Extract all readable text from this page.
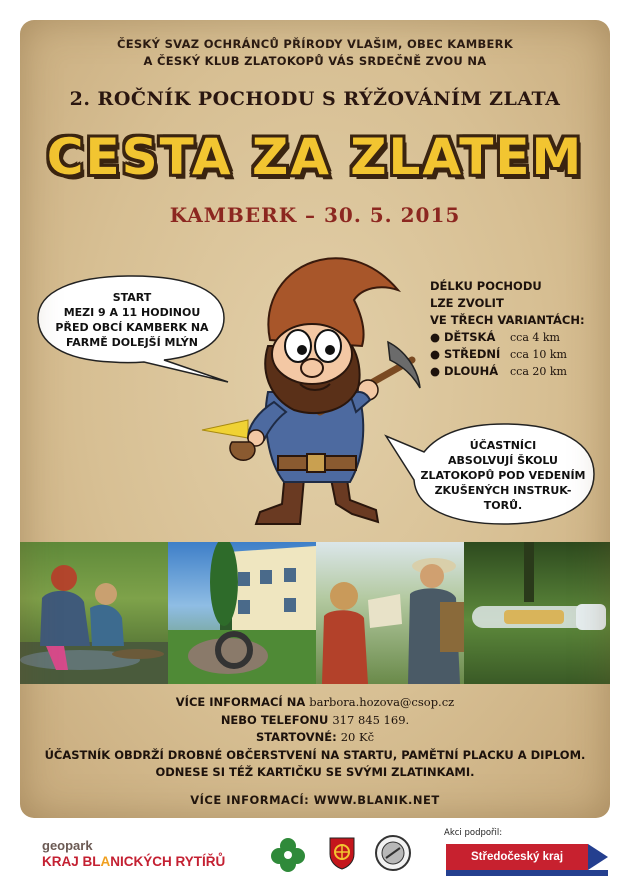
ČESKÝ SVAZ OCHRÁNCŮ PŘÍRODY VLAŠIM, OBEC KAMBERK
A ČESKÝ KLUB ZLATOKOPŮ VÁS SRDEČNĚ ZVOU NA
2. ROČNÍK POCHODU S RÝŽOVÁNÍM ZLATA
CESTA ZA ZLATEM
KAMBERK – 30. 5. 2015
START
MEZI 9 A 11 HODINOU
PŘED OBCÍ KAMBERK NA
FARMĚ DOLEJŠÍ MLÝN
DÉLKU POCHODU
LZE ZVOLIT
VE TŘECH VARIANTÁCH:
● DĚTSKÁ	cca 4 km
● STŘEDNÍ cca 10 km
● DLOUHÁ	cca 20 km
ÚČASTNÍCI
ABSOLVUJÍ ŠKOLU
ZLATOKOPŮ POD VEDENÍM
ZKUŠENÝCH INSTRUK-
TORŮ.
VÍCE INFORMACÍ NA barbora.hozova@csop.cz
NEBO TELEFONU 317 845 169.
STARTOVNÉ: 20 Kč
ÚČASTNÍK OBDRŽÍ DROBNÉ OBČERSTVENÍ NA STARTU, PAMĚTNÍ PLACKU A DIPLOM.
ODNESE SI TÉŽ KARTIČKU SE SVÝMI ZLATINKAMI.
VÍCE INFORMACÍ: WWW.BLANIK.NET
geopark
KRAJ BLANICKÝCH RYTÍŘŮ
Akci podpořil:
Středočeský kraj
